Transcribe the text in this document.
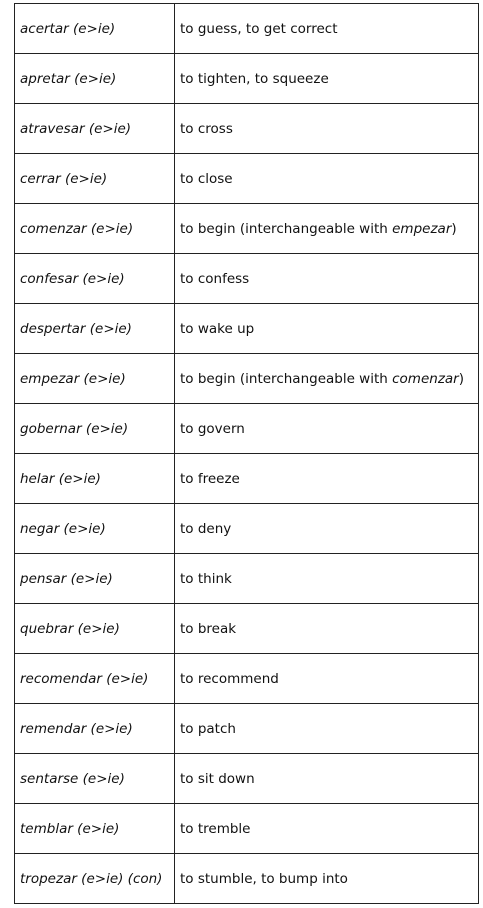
acertar (e>ie)	to guess, to get correct
apretar (e>ie)	to tighten, to squeeze
atravesar (e>ie)	to cross
cerrar (e>ie)	to close
comenzar (e>ie)	to begin (interchangeable with empezar)
confesar (e>ie)	to confess
despertar (e>ie)	to wake up
empezar (e>ie)	to begin (interchangeable with comenzar)
gobernar (e>ie)	to govern
helar (e>ie)	to freeze
negar (e>ie)	to deny
pensar (e>ie)	to think
quebrar (e>ie)	to break
recomendar (e>ie)	to recommend
remendar (e>ie)	to patch
sentarse (e>ie)	to sit down
temblar (e>ie)	to tremble
tropezar (e>ie) (con)	to stumble, to bump into
